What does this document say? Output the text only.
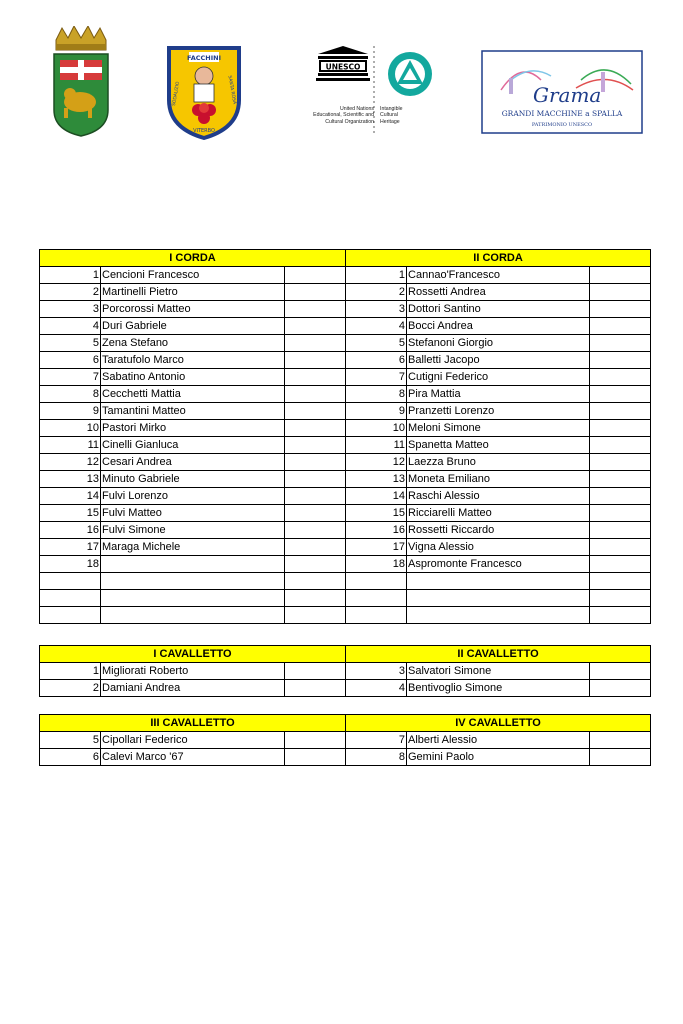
FACCHINI
SODALIZIO	SANTA ROSA
VITERBO
UNESCO
United Nations
Educational, Scientific and
Cultural Organization
Intangible
Cultural
Heritage
Grama
GRANDI MACCHINE a SPALLA
PATRIMONIO UNESCO
I CORDA			II CORDA		
1	Cencioni Francesco		1	Cannao'Francesco	
2	Martinelli Pietro		2	Rossetti Andrea	
3	Porcorossi Matteo		3	Dottori Santino	
4	Duri Gabriele		4	Bocci Andrea	
5	Zena Stefano		5	Stefanoni Giorgio	
6	Taratufolo Marco		6	Balletti Jacopo	
7	Sabatino Antonio		7	Cutigni Federico	
8	Cecchetti Mattia		8	Pira Mattia	
9	Tamantini Matteo		9	Pranzetti Lorenzo	
10	Pastori Mirko		10	Meloni Simone	
11	Cinelli Gianluca		11	Spanetta Matteo	
12	Cesari Andrea		12	Laezza Bruno	
13	Minuto Gabriele		13	Moneta Emiliano	
14	Fulvi Lorenzo		14	Raschi Alessio	
15	Fulvi Matteo		15	Ricciarelli Matteo	
16	Fulvi Simone		16	Rossetti Riccardo	
17	Maraga Michele		17	Vigna Alessio	
18			18	Aspromonte Francesco	

I CAVALLETTO			II CAVALLETTO		
1	Migliorati Roberto		3	Salvatori Simone	
2	Damiani Andrea		4	Bentivoglio Simone	
III CAVALLETTO			IV CAVALLETTO		
5	Cipollari Federico		7	Alberti Alessio	
6	Calevi Marco '67		8	Gemini Paolo	
